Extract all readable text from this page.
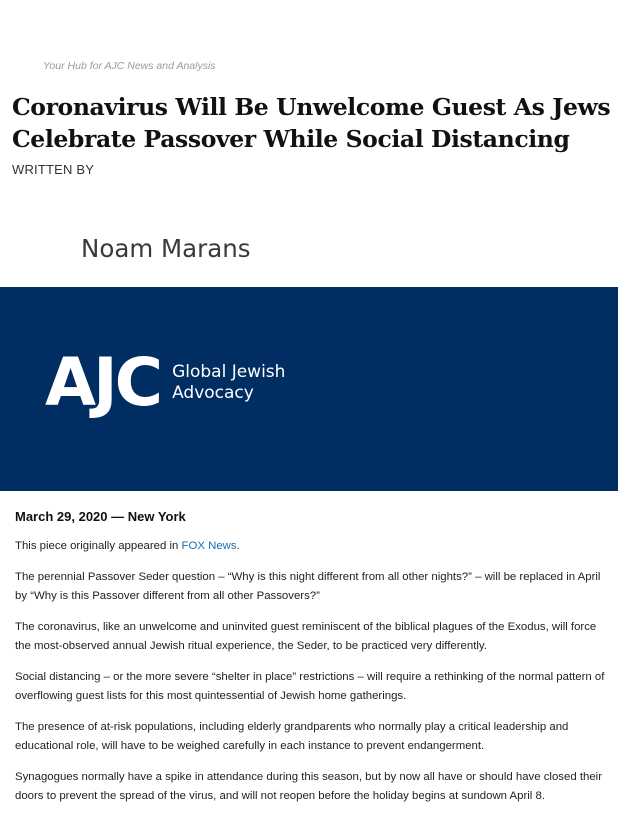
Your Hub for AJC News and Analysis
Coronavirus Will Be Unwelcome Guest As Jews Celebrate Passover While Social Distancing
WRITTEN BY
Noam Marans
AJC Global Jewish
Advocacy
March 29, 2020 — New York

This piece originally appeared in FOX News.

The perennial Passover Seder question – “Why is this night different from all other nights?” – will be replaced in April by “Why is this Passover different from all other Passovers?”

The coronavirus, like an unwelcome and uninvited guest reminiscent of the biblical plagues of the Exodus, will force the most-observed annual Jewish ritual experience, the Seder, to be practiced very differently.

Social distancing – or the more severe “shelter in place” restrictions – will require a rethinking of the normal pattern of overflowing guest lists for this most quintessential of Jewish home gatherings.

The presence of at-risk populations, including elderly grandparents who normally play a critical leadership and educational role, will have to be weighed carefully in each instance to prevent endangerment.

Synagogues normally have a spike in attendance during this season, but by now all have or should have closed their doors to prevent the spread of the virus, and will not reopen before the holiday begins at sundown April 8.
